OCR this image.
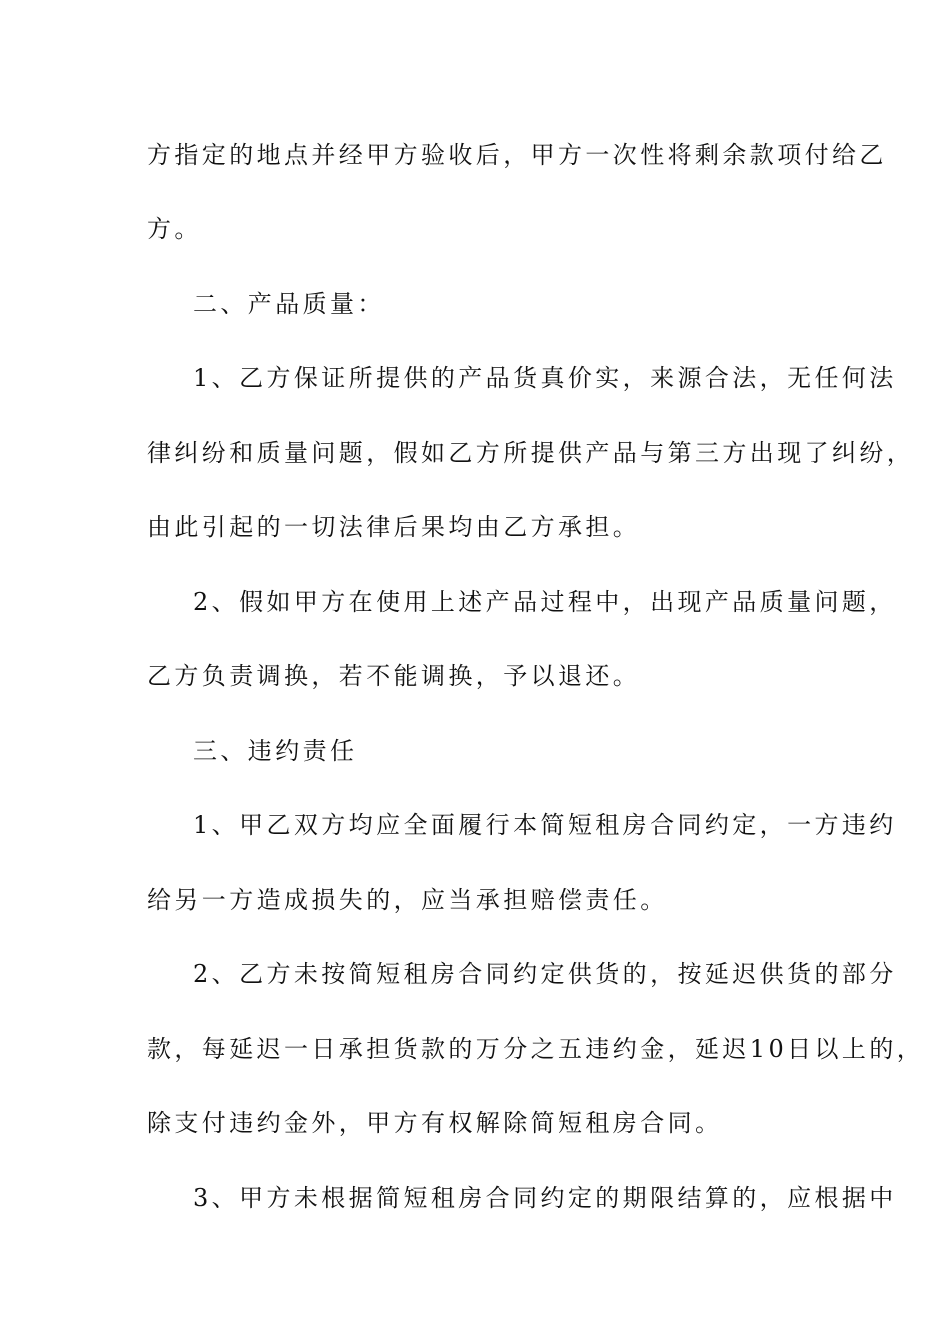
方指定的地点并经甲方验收后，甲方一次性将剩余款项付给乙
方。
二、产品质量：
1、乙方保证所提供的产品货真价实，来源合法，无任何法
律纠纷和质量问题，假如乙方所提供产品与第三方出现了纠纷，
由此引起的一切法律后果均由乙方承担。
2、假如甲方在使用上述产品过程中，出现产品质量问题，
乙方负责调换，若不能调换，予以退还。
三、违约责任
1、甲乙双方均应全面履行本简短租房合同约定，一方违约
给另一方造成损失的，应当承担赔偿责任。
2、乙方未按简短租房合同约定供货的，按延迟供货的部分
款，每延迟一日承担货款的万分之五违约金，延迟10日以上的，
除支付违约金外，甲方有权解除简短租房合同。
3、甲方未根据简短租房合同约定的期限结算的，应根据中
